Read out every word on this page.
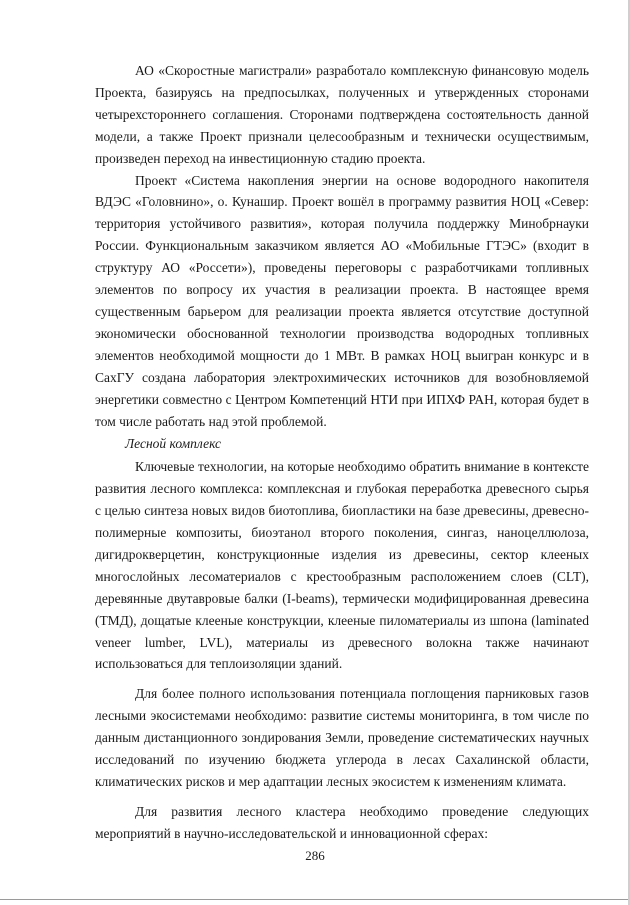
АО «Скоростные магистрали» разработало комплексную финансовую модель Проекта, базируясь на предпосылках, полученных и утвержденных сторонами четырехстороннего соглашения. Сторонами подтверждена состоятельность данной модели, а также Проект признали целесообразным и технически осуществимым, произведен переход на инвестиционную стадию проекта.

Проект «Система накопления энергии на основе водородного накопителя ВДЭС «Головнино», о. Кунашир. Проект вошёл в программу развития НОЦ «Север: территория устойчивого развития», которая получила поддержку Минобрнауки России. Функциональным заказчиком является АО «Мобильные ГТЭС» (входит в структуру АО «Россети»), проведены переговоры с разработчиками топливных элементов по вопросу их участия в реализации проекта. В настоящее время существенным барьером для реализации проекта является отсутствие доступной экономически обоснованной технологии производства водородных топливных элементов необходимой мощности до 1 МВт. В рамках НОЦ выигран конкурс и в СахГУ создана лаборатория электрохимических источников для возобновляемой энергетики совместно с Центром Компетенций НТИ при ИПХФ РАН, которая будет в том числе работать над этой проблемой.

Лесной комплекс

Ключевые технологии, на которые необходимо обратить внимание в контексте развития лесного комплекса: комплексная и глубокая переработка древесного сырья с целью синтеза новых видов биотоплива, биопластики на базе древесины, древесно-полимерные композиты, биоэтанол второго поколения, сингаз, наноцеллюлоза, дигидрокверцетин, конструкционные изделия из древесины, сектор клееных многослойных лесоматериалов с крестообразным расположением слоев (CLT), деревянные двутавровые балки (I-beams), термически модифицированная древесина (ТМД), дощатые клееные конструкции, клееные пиломатериалы из шпона (laminated veneer lumber, LVL), материалы из древесного волокна также начинают использоваться для теплоизоляции зданий.

Для более полного использования потенциала поглощения парниковых газов лесными экосистемами необходимо: развитие системы мониторинга, в том числе по данным дистанционного зондирования Земли, проведение систематических научных исследований по изучению бюджета углерода в лесах Сахалинской области, климатических рисков и мер адаптации лесных экосистем к изменениям климата.

Для развития лесного кластера необходимо проведение следующих мероприятий в научно-исследовательской и инновационной сферах:

286
